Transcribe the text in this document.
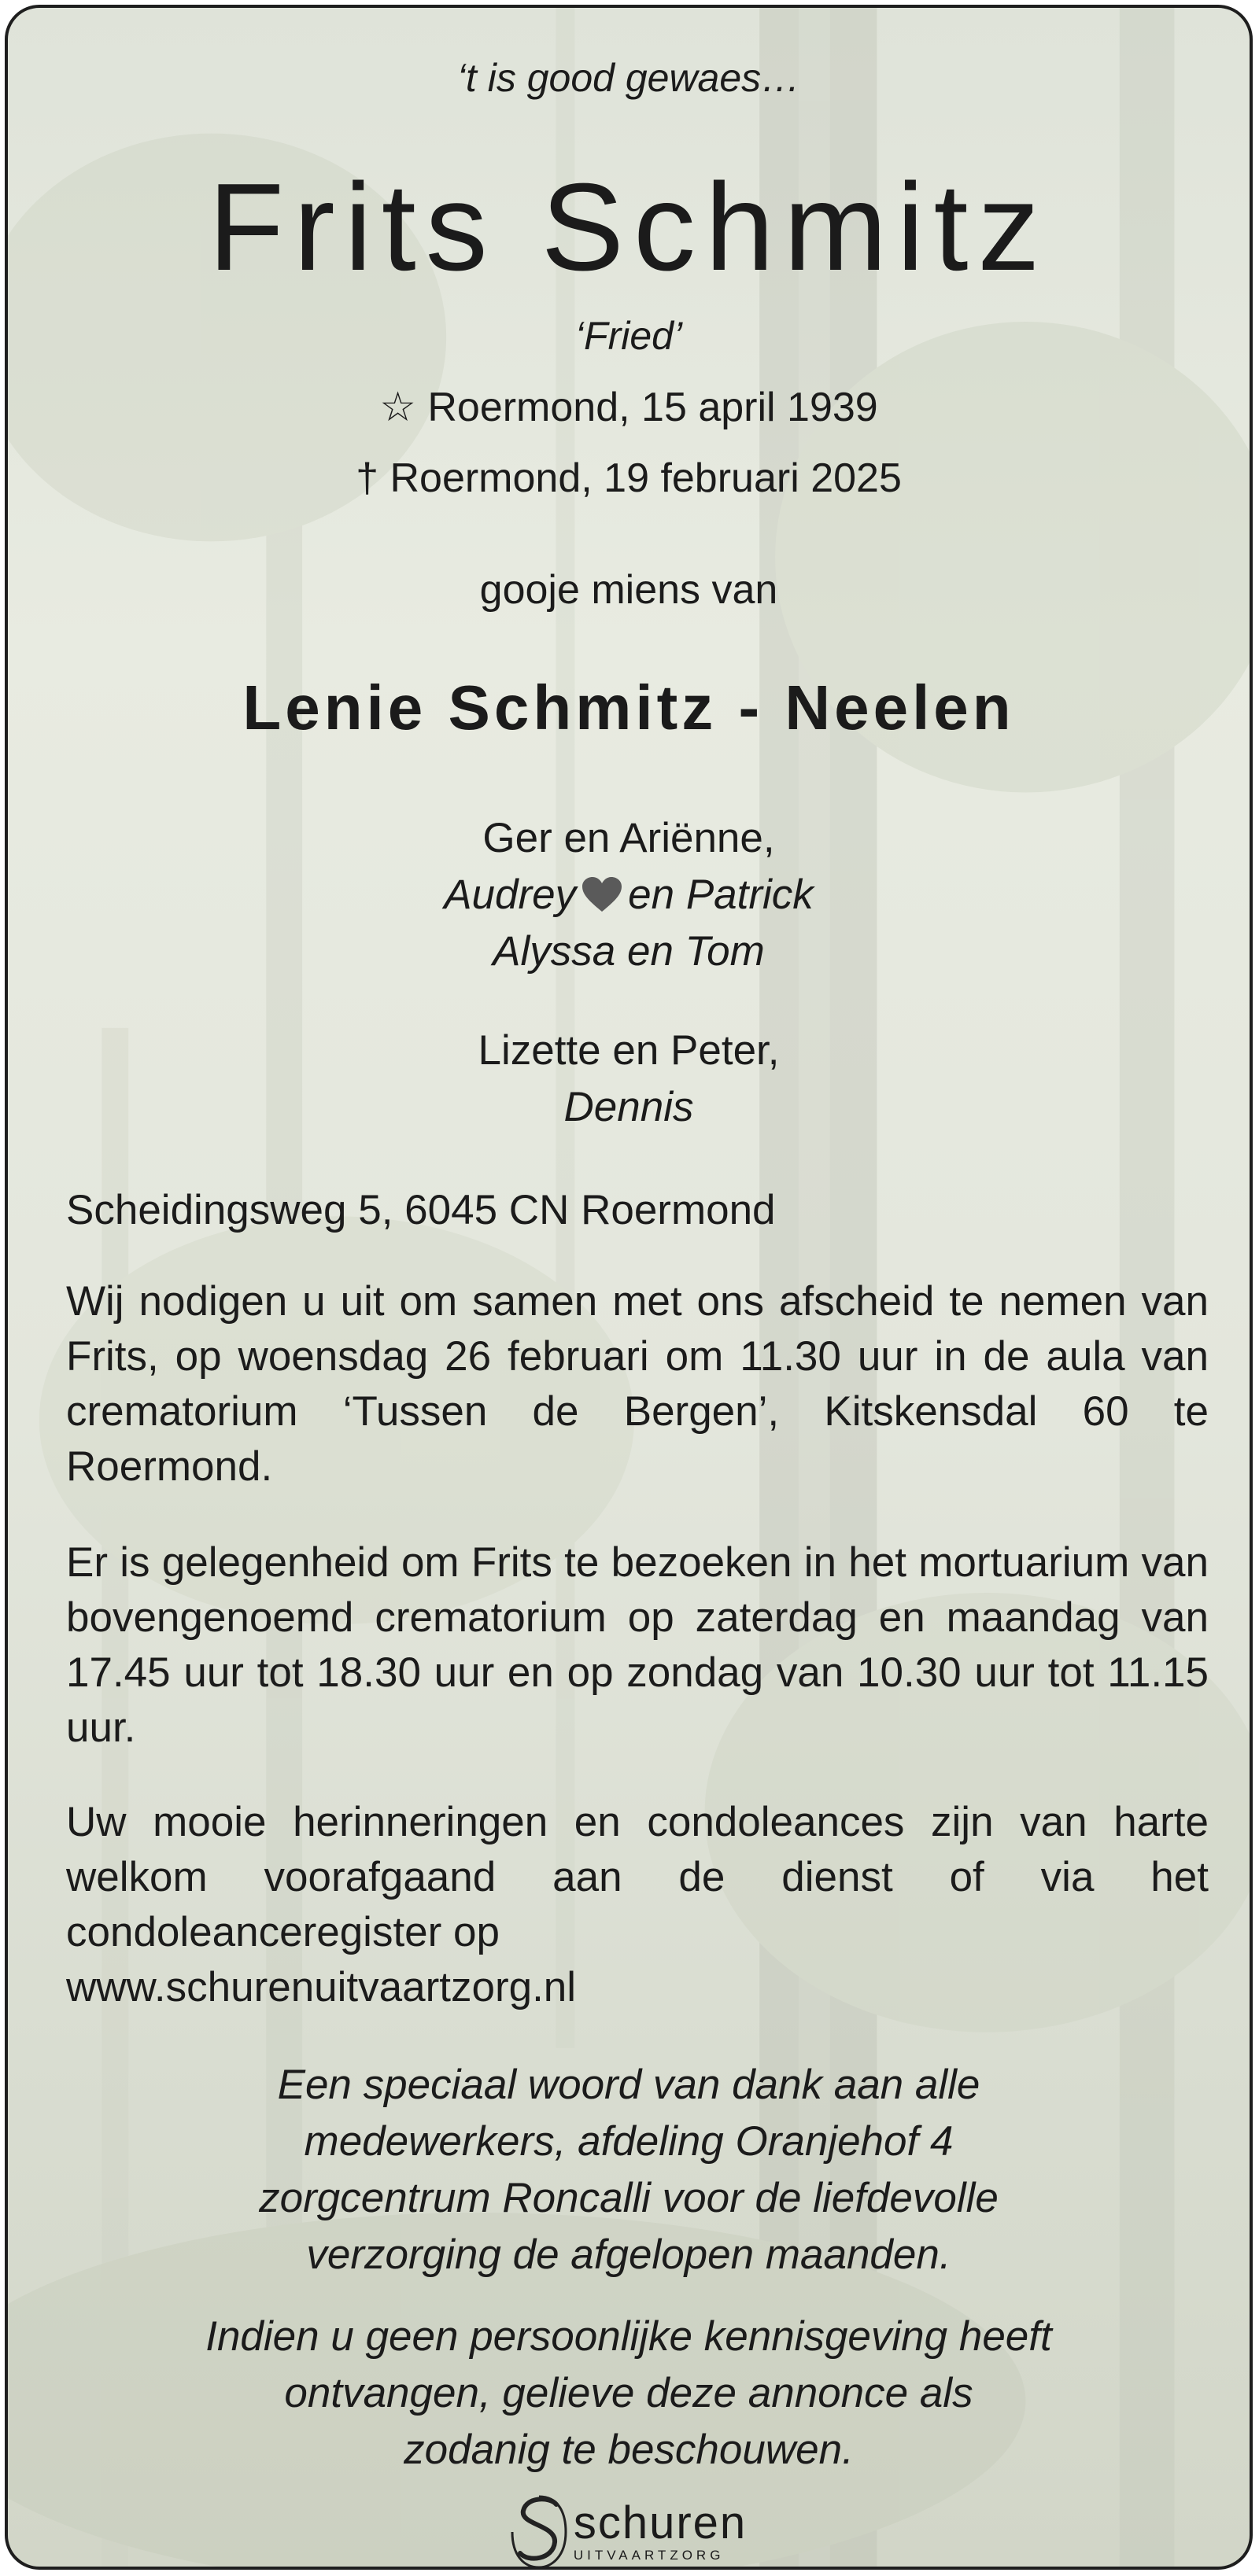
‘t is good gewaes…

Frits Schmitz

‘Fried’

☆ Roermond, 15 april 1939

† Roermond, 19 februari 2025

gooje miens van

Lenie Schmitz - Neelen
Ger en Ariënne,
Audrey en Patrick
Alyssa en Tom
Lizette en Peter,
Dennis

Scheidingsweg 5, 6045 CN Roermond

Wij nodigen u uit om samen met ons afscheid te nemen van Frits, op woensdag 26 februari om 11.30 uur in de aula van crematorium ‘Tussen de Bergen’, Kitskensdal 60 te Roermond.

Er is gelegenheid om Frits te bezoeken in het mortuarium van bovengenoemd crematorium op zaterdag en maandag van 17.45 uur tot 18.30 uur en op zondag van 10.30 uur tot 11.15 uur.

Uw mooie herinneringen en condoleances zijn van harte welkom voorafgaand aan de dienst of via het condoleanceregister op
www.schurenuitvaartzorg.nl

Een speciaal woord van dank aan alle
medewerkers, afdeling Oranjehof 4
zorgcentrum Roncalli voor de liefdevolle
verzorging de afgelopen maanden.
Indien u geen persoonlijke kennisgeving heeft
ontvangen, gelieve deze annonce als
zodanig te beschouwen.
schuren
UITVAARTZORG
